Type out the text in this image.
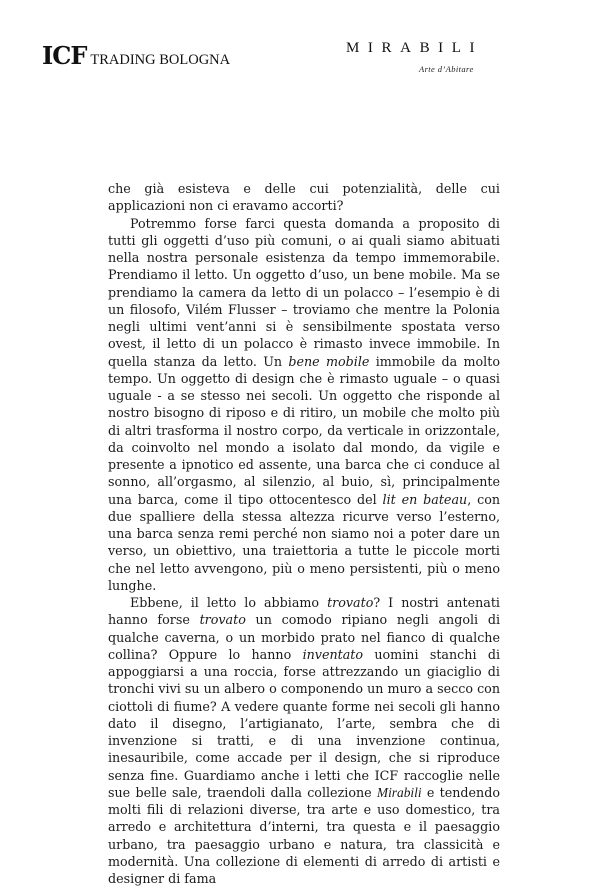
ICF TRADING BOLOGNA
MIRABILI
Arte d’Abitare

che già esisteva e delle cui potenzialità, delle cui applicazioni non ci eravamo accorti?

Potremmo forse farci questa domanda a proposito di tutti gli oggetti d’uso più comuni, o ai quali siamo abituati nella nostra personale esistenza da tempo immemorabile. Prendiamo il letto. Un oggetto d’uso, un bene mobile. Ma se prendiamo la camera da letto di un polacco – l’esempio è di un filosofo, Vilém Flusser – troviamo che mentre la Polonia negli ultimi vent’anni si è sensibilmente spostata verso ovest, il letto di un polacco è rimasto invece immobile. In quella stanza da letto. Un bene mobile immobile da molto tempo. Un oggetto di design che è rimasto uguale – o quasi uguale - a se stesso nei secoli. Un oggetto che risponde al nostro bisogno di riposo e di ritiro, un mobile che molto più di altri trasforma il nostro corpo, da verticale in orizzontale, da coinvolto nel mondo a isolato dal mondo, da vigile e presente a ipnotico ed assente, una barca che ci conduce al sonno, all’orgasmo, al silenzio, al buio, sì, principalmente una barca, come il tipo ottocentesco del lit en bateau, con due spalliere della stessa altezza ricurve verso l’esterno, una barca senza remi perché non siamo noi a poter dare un verso, un obiettivo, una traiettoria a tutte le piccole morti che nel letto avvengono, più o meno persistenti, più o meno lunghe.

Ebbene, il letto lo abbiamo trovato? I nostri antenati hanno forse trovato un comodo ripiano negli angoli di qualche caverna, o un morbido prato nel fianco di qualche collina? Oppure lo hanno inventato uomini stanchi di appoggiarsi a una roccia, forse attrezzando un giaciglio di tronchi vivi su un albero o componendo un muro a secco con ciottoli di fiume? A vedere quante forme nei secoli gli hanno dato il disegno, l’artigianato, l’arte, sembra che di invenzione si tratti, e di una invenzione continua, inesauribile, come accade per il design, che si riproduce senza fine. Guardiamo anche i letti che ICF raccoglie nelle sue belle sale, traendoli dalla collezione Mirabili e tendendo molti fili di relazioni diverse, tra arte e uso domestico, tra arredo e architettura d’interni, tra questa e il paesaggio urbano, tra paesaggio urbano e natura, tra classicità e modernità. Una collezione di elementi di arredo di artisti e designer di fama
